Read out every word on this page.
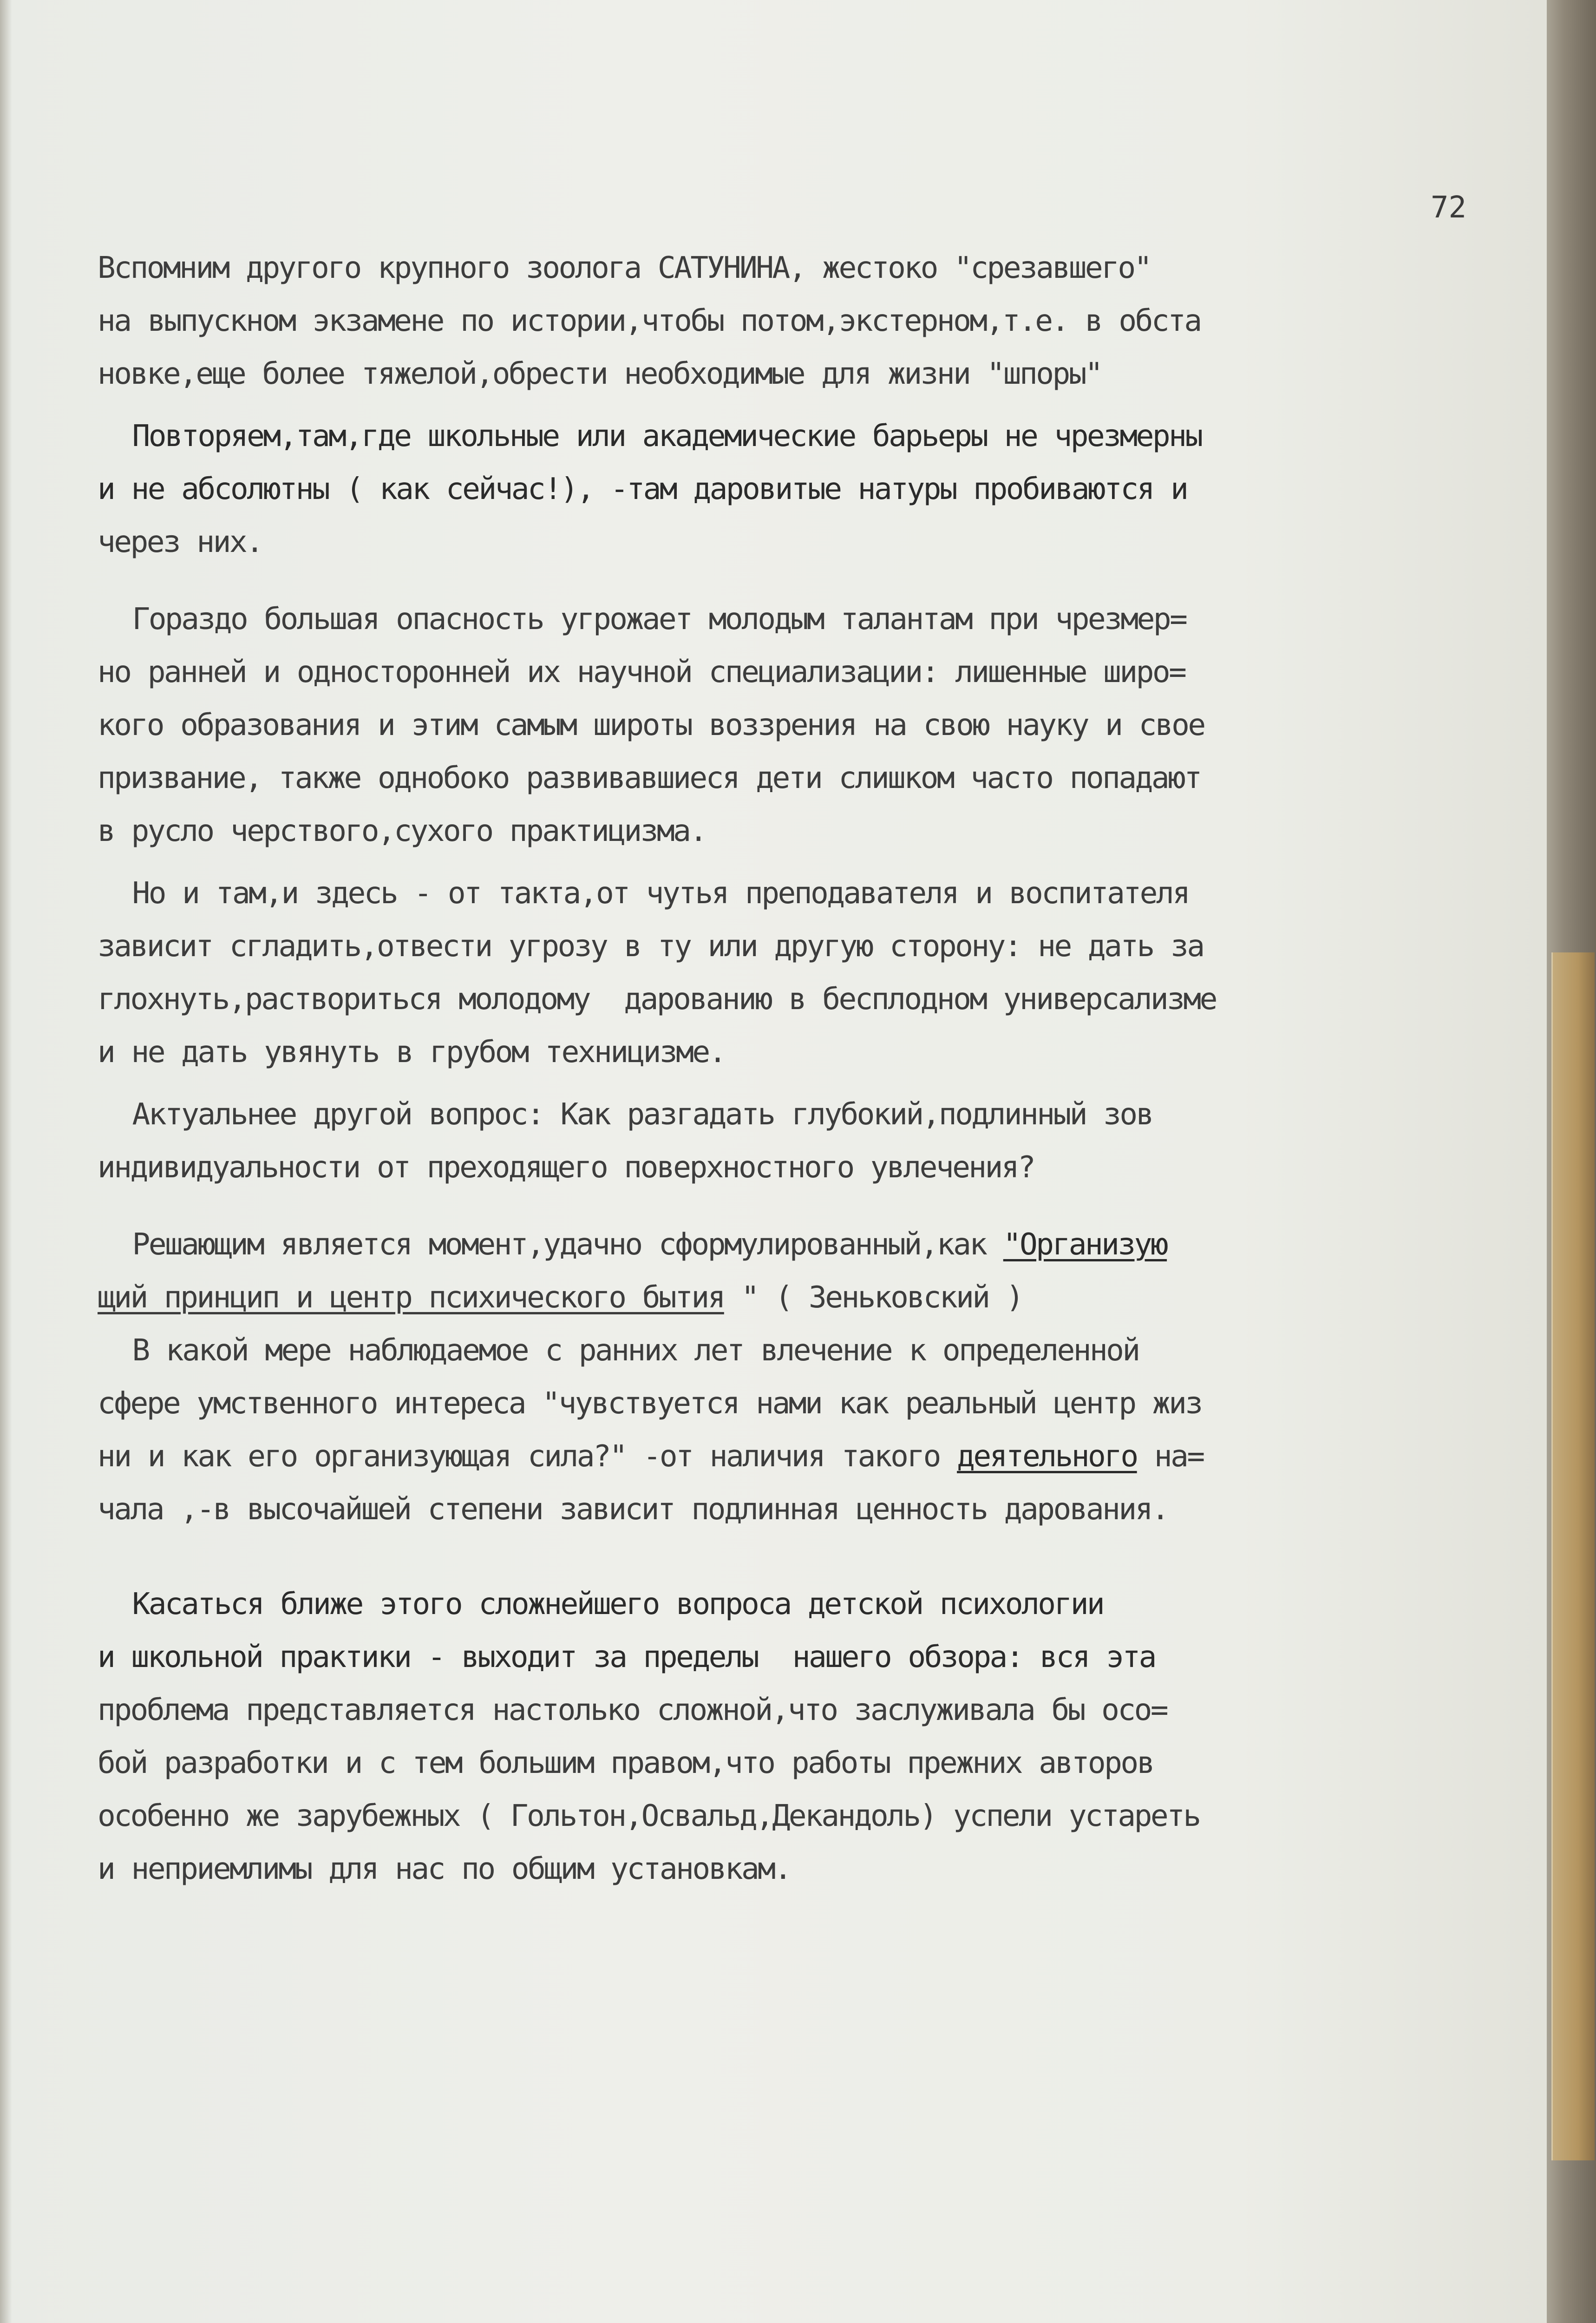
72

Вспомним другого крупного зоолога САТУНИНА, жестоко "срезавшего"

на выпускном экзамене по истории,чтобы потом,экстерном,т.е. в обста

новке,еще более тяжелой,обрести необходимые для жизни "шпоры"

Повторяем,там,где школьные или академические барьеры не чрезмерны

и не абсолютны ( как сейчас!), -там даровитые натуры пробиваются и

через них.

Гораздо большая опасность угрожает молодым талантам при чрезмер=

но ранней и односторонней их научной специализации: лишенные широ=

кого образования и этим самым широты воззрения на свою науку и свое

призвание, также однобоко развивавшиеся дети слишком часто попадают

в русло черствого,сухого практицизма.

Но и там,и здесь - от такта,от чутья преподавателя и воспитателя

зависит сгладить,отвести угрозу в ту или другую сторону: не дать за

глохнуть,раствориться молодому  дарованию в бесплодном универсализме

и не дать увянуть в грубом техницизме.

Актуальнее другой вопрос: Как разгадать глубокий,подлинный зов

индивидуальности от преходящего поверхностного увлечения?

Решающим является момент,удачно сформулированный,как "Организую

щий принцип и центр психического бытия " ( Зеньковский )

В какой мере наблюдаемое с ранних лет влечение к определенной

сфере умственного интереса "чувствуется нами как реальный центр жиз

ни и как его организующая сила?" -от наличия такого деятельного на=

чала ,-в высочайшей степени зависит подлинная ценность дарования.

Касаться ближе этого сложнейшего вопроса детской психологии

и школьной практики - выходит за пределы  нашего обзора: вся эта

проблема представляется настолько сложной,что заслуживала бы осо=

бой разработки и с тем большим правом,что работы прежних авторов

особенно же зарубежных ( Гольтон,Освальд,Декандоль) успели устареть

и неприемлимы для нас по общим установкам.
